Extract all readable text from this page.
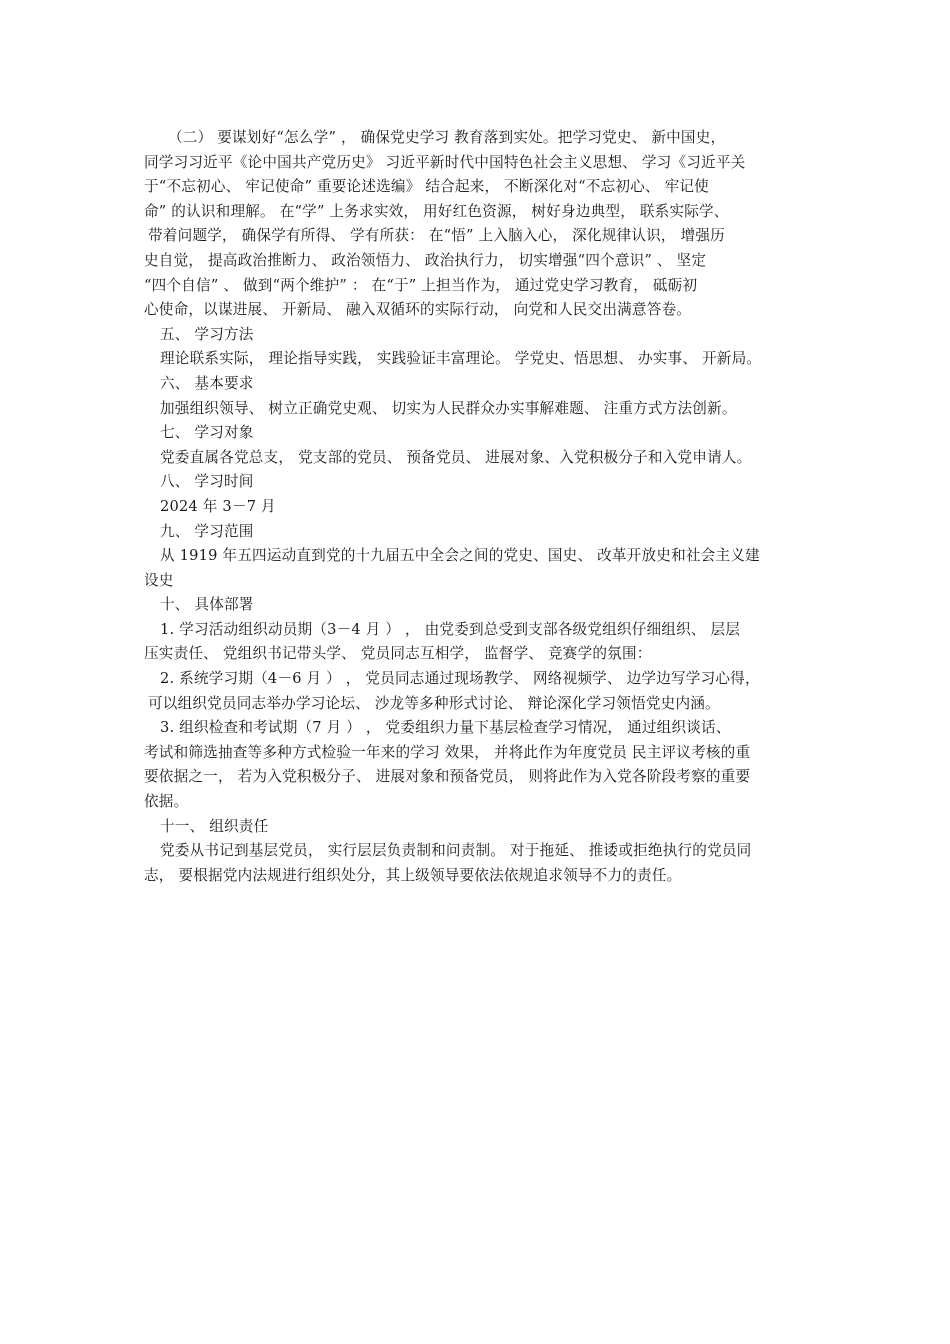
（二） 要谋划好“怎么学” ， 确保党史学习 教育落到实处。把学习党史、 新中国史，
同学习习近平《论中国共产党历史》 习近平新时代中国特色社会主义思想、 学习《习近平关
于“不忘初心、 牢记使命” 重要论述选编》 结合起来， 不断深化对“不忘初心、 牢记使
命” 的认识和理解。 在“学” 上务求实效， 用好红色资源， 树好身边典型， 联系实际学、
带着问题学， 确保学有所得、 学有所获： 在“悟” 上入脑入心， 深化规律认识， 增强历
史自觉， 提高政治推断力、 政治领悟力、 政治执行力， 切实增强“四个意识” 、 坚定
“四个自信” 、 做到“两个维护” ： 在“于” 上担当作为， 通过党史学习教育， 砥砺初
心使命，以谋进展、 开新局、 融入双循环的实际行动， 向党和人民交出满意答卷。
五、 学习方法
理论联系实际， 理论指导实践， 实践验证丰富理论。 学党史、悟思想、 办实事、 开新局。
六、 基本要求
加强组织领导、 树立正确党史观、 切实为人民群众办实事解难题、 注重方式方法创新。
七、 学习对象
党委直属各党总支， 党支部的党员、 预备党员、 进展对象、入党积极分子和入党申请人。
八、 学习时间
2024 年 3－7 月
九、 学习范围
从 1919 年五四运动直到党的十九届五中全会之间的党史、国史、 改革开放史和社会主义建
设史
十、 具体部署
1. 学习活动组织动员期（3－4 月 ） ， 由党委到总受到支部各级党组织仔细组织、 层层
压实责任、 党组织书记带头学、 党员同志互相学， 监督学、 竞赛学的氛围：
2. 系统学习期（4－6 月 ） ， 党员同志通过现场教学、 网络视频学、 边学边写学习心得，
可以组织党员同志举办学习论坛、 沙龙等多种形式讨论、 辩论深化学习领悟党史内涵。
3. 组织检查和考试期（7 月 ） ， 党委组织力量下基层检查学习情况， 通过组织谈话、
考试和筛选抽查等多种方式检验一年来的学习 效果， 并将此作为年度党员 民主评议考核的重
要依据之一， 若为入党积极分子、 进展对象和预备党员， 则将此作为入党各阶段考察的重要
依据。
十一、 组织责任
党委从书记到基层党员， 实行层层负责制和问责制。 对于拖延、 推诿或拒绝执行的党员同
志， 要根据党内法规进行组织处分，其上级领导要依法依规追求领导不力的责任。
